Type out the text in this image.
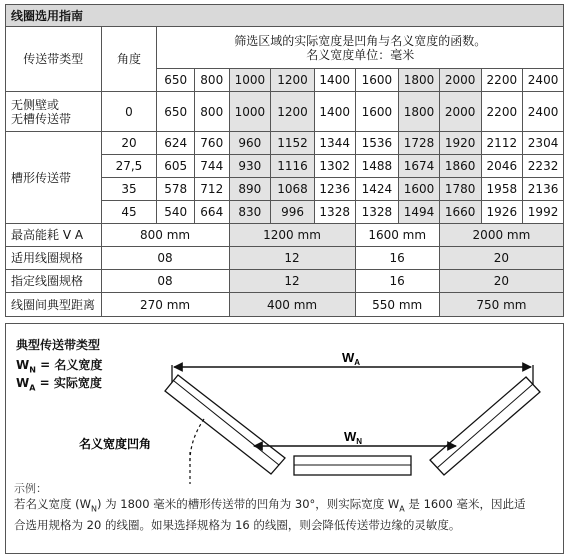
线圈选用指南											
传送带类型	角度	筛选区域的实际宽度是凹角与名义宽度的函数。
名义宽度单位：毫米									
		650	800	1000	1200	1400	1600	1800	2000	2200	2400
无侧壁或
无槽传送带	0	650	800	1000	1200	1400	1600	1800	2000	2200	2400
槽形传送带	20	624	760	960	1152	1344	1536	1728	1920	2112	2304
	27,5	605	744	930	1116	1302	1488	1674	1860	2046	2232
	35	578	712	890	1068	1236	1424	1600	1780	1958	2136
	45	540	664	830	996	1328	1328	1494	1660	1926	1992
最高能耗 V A	800 mm			1200 mm			1600 mm		2000 mm		
适用线圈规格	08			12			16		20		
指定线圈规格	08			12			16		20		
线圈间典型距离	270 mm			400 mm			550 mm		750 mm		
典型传送带类型
$W_N$ = 名义宽度
$W_A$ = 实际宽度
$W_A$
$W_N$
名义宽度凹角
示例：
若名义宽度 $(W_N)$ 为 1800 毫米的槽形传送带的凹角为 30°，则实际宽度 $W_A$ 是 1600 毫米，因此适
合选用规格为 20 的线圈。如果选择规格为 16 的线圈，则会降低传送带边缘的灵敏度。
